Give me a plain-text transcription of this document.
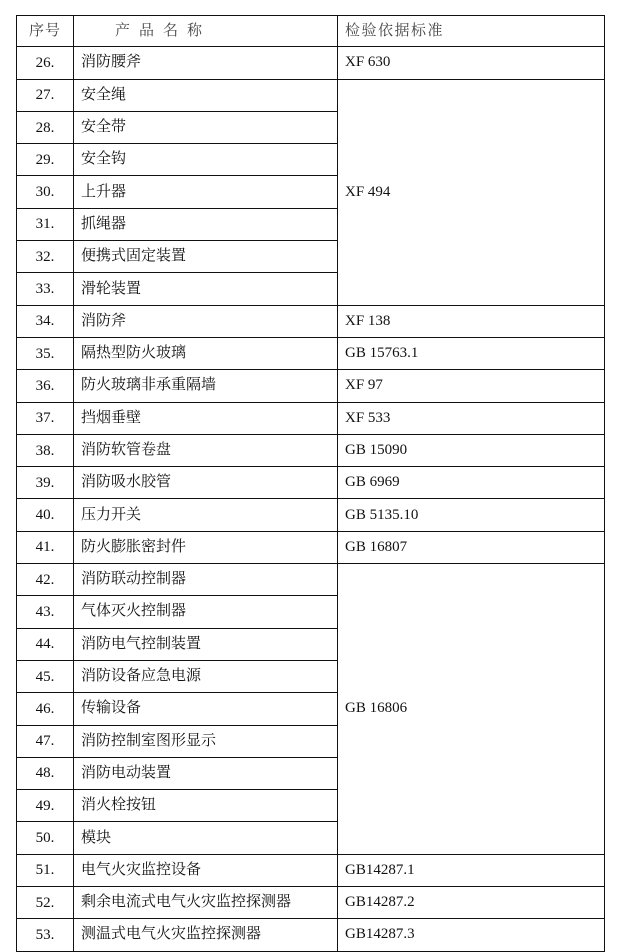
序号	产品名称	检验依据标准
26.	消防腰斧	XF 630
27.	安全绳	XF 494
28.	安全带	
29.	安全钩	
30.	上升器	
31.	抓绳器	
32.	便携式固定装置	
33.	滑轮装置	
34.	消防斧	XF 138
35.	隔热型防火玻璃	GB 15763.1
36.	防火玻璃非承重隔墙	XF 97
37.	挡烟垂壁	XF 533
38.	消防软管卷盘	GB 15090
39.	消防吸水胶管	GB 6969
40.	压力开关	GB 5135.10
41.	防火膨胀密封件	GB 16807
42.	消防联动控制器	GB 16806
43.	气体灭火控制器	
44.	消防电气控制装置	
45.	消防设备应急电源	
46.	传输设备	
47.	消防控制室图形显示	
48.	消防电动装置	
49.	消火栓按钮	
50.	模块	
51.	电气火灾监控设备	GB14287.1
52.	剩余电流式电气火灾监控探测器	GB14287.2
53.	测温式电气火灾监控探测器	GB14287.3
